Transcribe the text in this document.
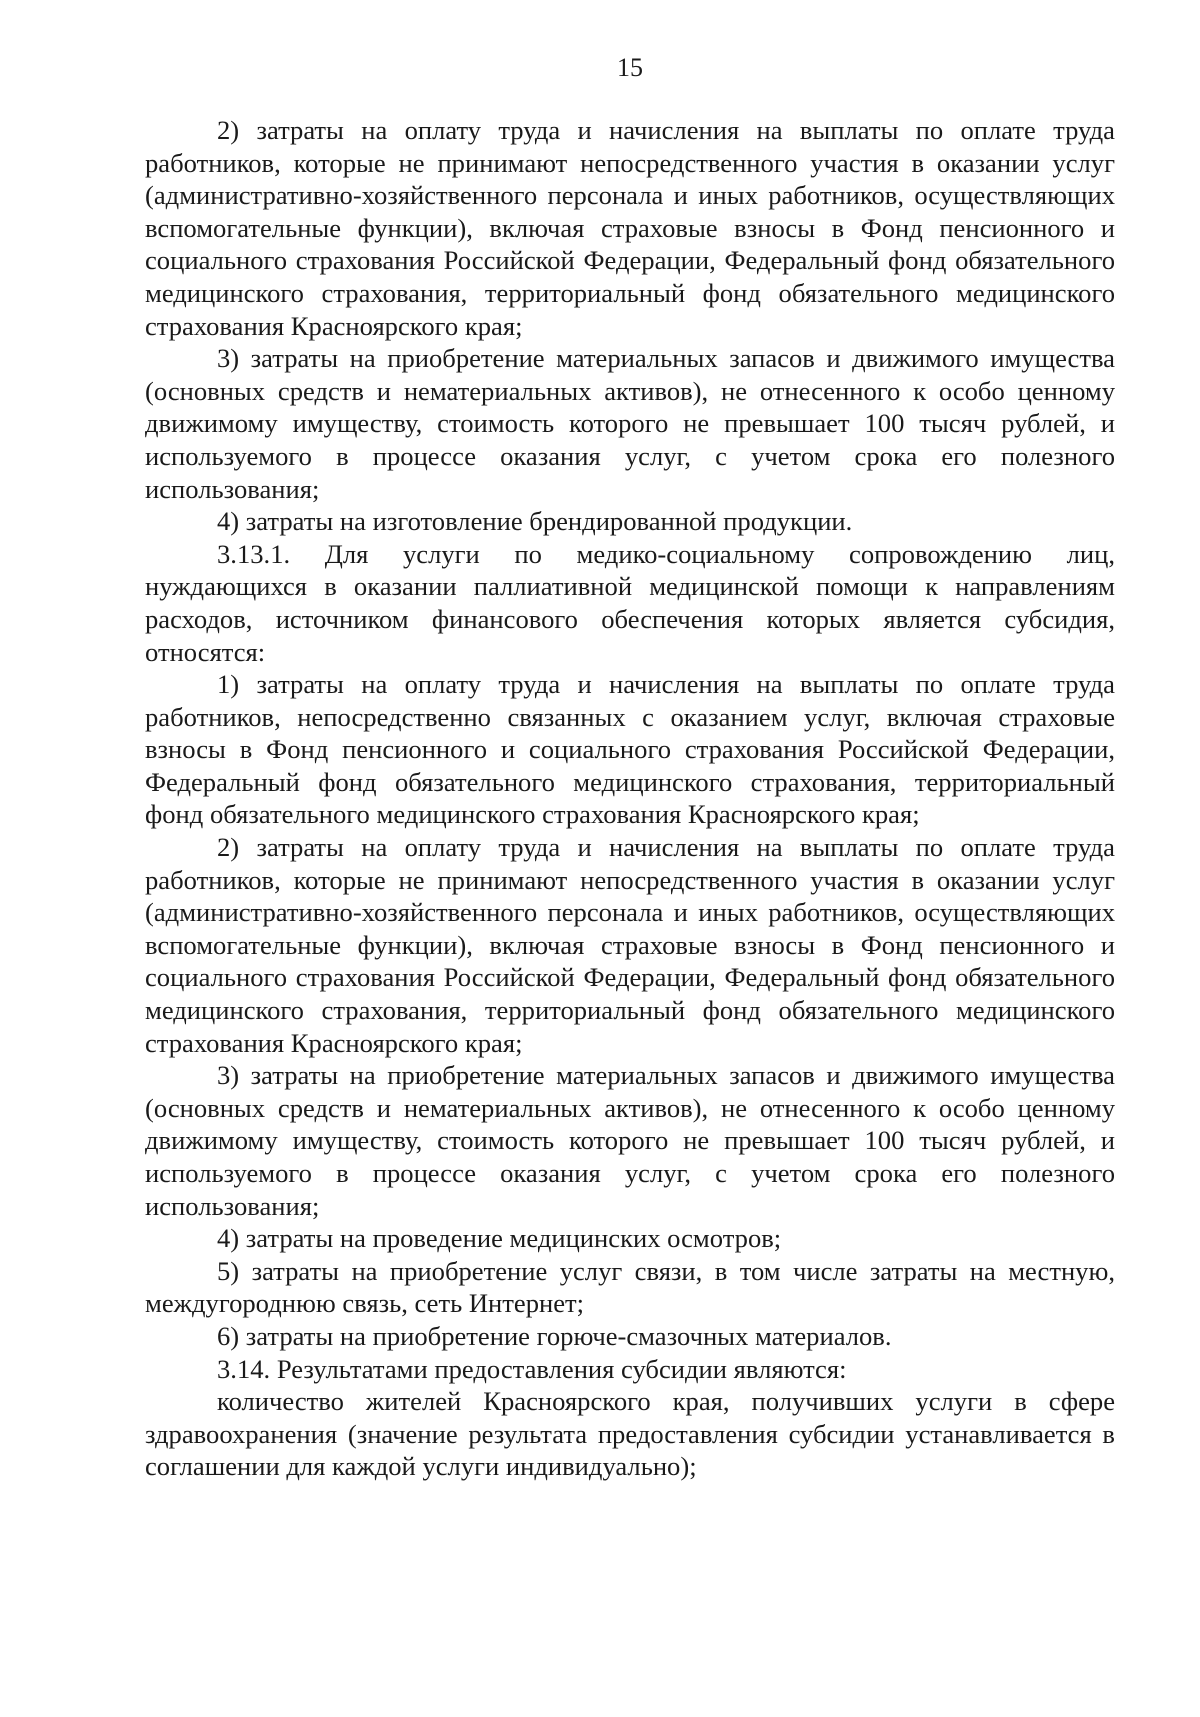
15

2) затраты на оплату труда и начисления на выплаты по оплате труда работников, которые не принимают непосредственного участия в оказании услуг (административно-хозяйственного персонала и иных работников, осуществляющих вспомогательные функции), включая страховые взносы в Фонд пенсионного и социального страхования Российской Федерации, Федеральный фонд обязательного медицинского страхования, территориальный фонд обязательного медицинского страхования Красноярского края;

3) затраты на приобретение материальных запасов и движимого имущества (основных средств и нематериальных активов), не отнесенного к особо ценному движимому имуществу, стоимость которого не превышает 100 тысяч рублей, и используемого в процессе оказания услуг, с учетом срока его полезного использования;

4) затраты на изготовление брендированной продукции.

3.13.1. Для услуги по медико-социальному сопровождению лиц, нуждающихся в оказании паллиативной медицинской помощи к направлениям расходов, источником финансового обеспечения которых является субсидия, относятся:

1) затраты на оплату труда и начисления на выплаты по оплате труда работников, непосредственно связанных с оказанием услуг, включая страховые взносы в Фонд пенсионного и социального страхования Российской Федерации, Федеральный фонд обязательного медицинского страхования, территориальный фонд обязательного медицинского страхования Красноярского края;

2) затраты на оплату труда и начисления на выплаты по оплате труда работников, которые не принимают непосредственного участия в оказании услуг (административно-хозяйственного персонала и иных работников, осуществляющих вспомогательные функции), включая страховые взносы в Фонд пенсионного и социального страхования Российской Федерации, Федеральный фонд обязательного медицинского страхования, территориальный фонд обязательного медицинского страхования Красноярского края;

3) затраты на приобретение материальных запасов и движимого имущества (основных средств и нематериальных активов), не отнесенного к особо ценному движимому имуществу, стоимость которого не превышает 100 тысяч рублей, и используемого в процессе оказания услуг, с учетом срока его полезного использования;

4) затраты на проведение медицинских осмотров;

5) затраты на приобретение услуг связи, в том числе затраты на местную, междугороднюю связь, сеть Интернет;

6) затраты на приобретение горюче-смазочных материалов.

3.14. Результатами предоставления субсидии являются:

количество жителей Красноярского края, получивших услуги в сфере здравоохранения (значение результата предоставления субсидии устанавливается в соглашении для каждой услуги индивидуально);
